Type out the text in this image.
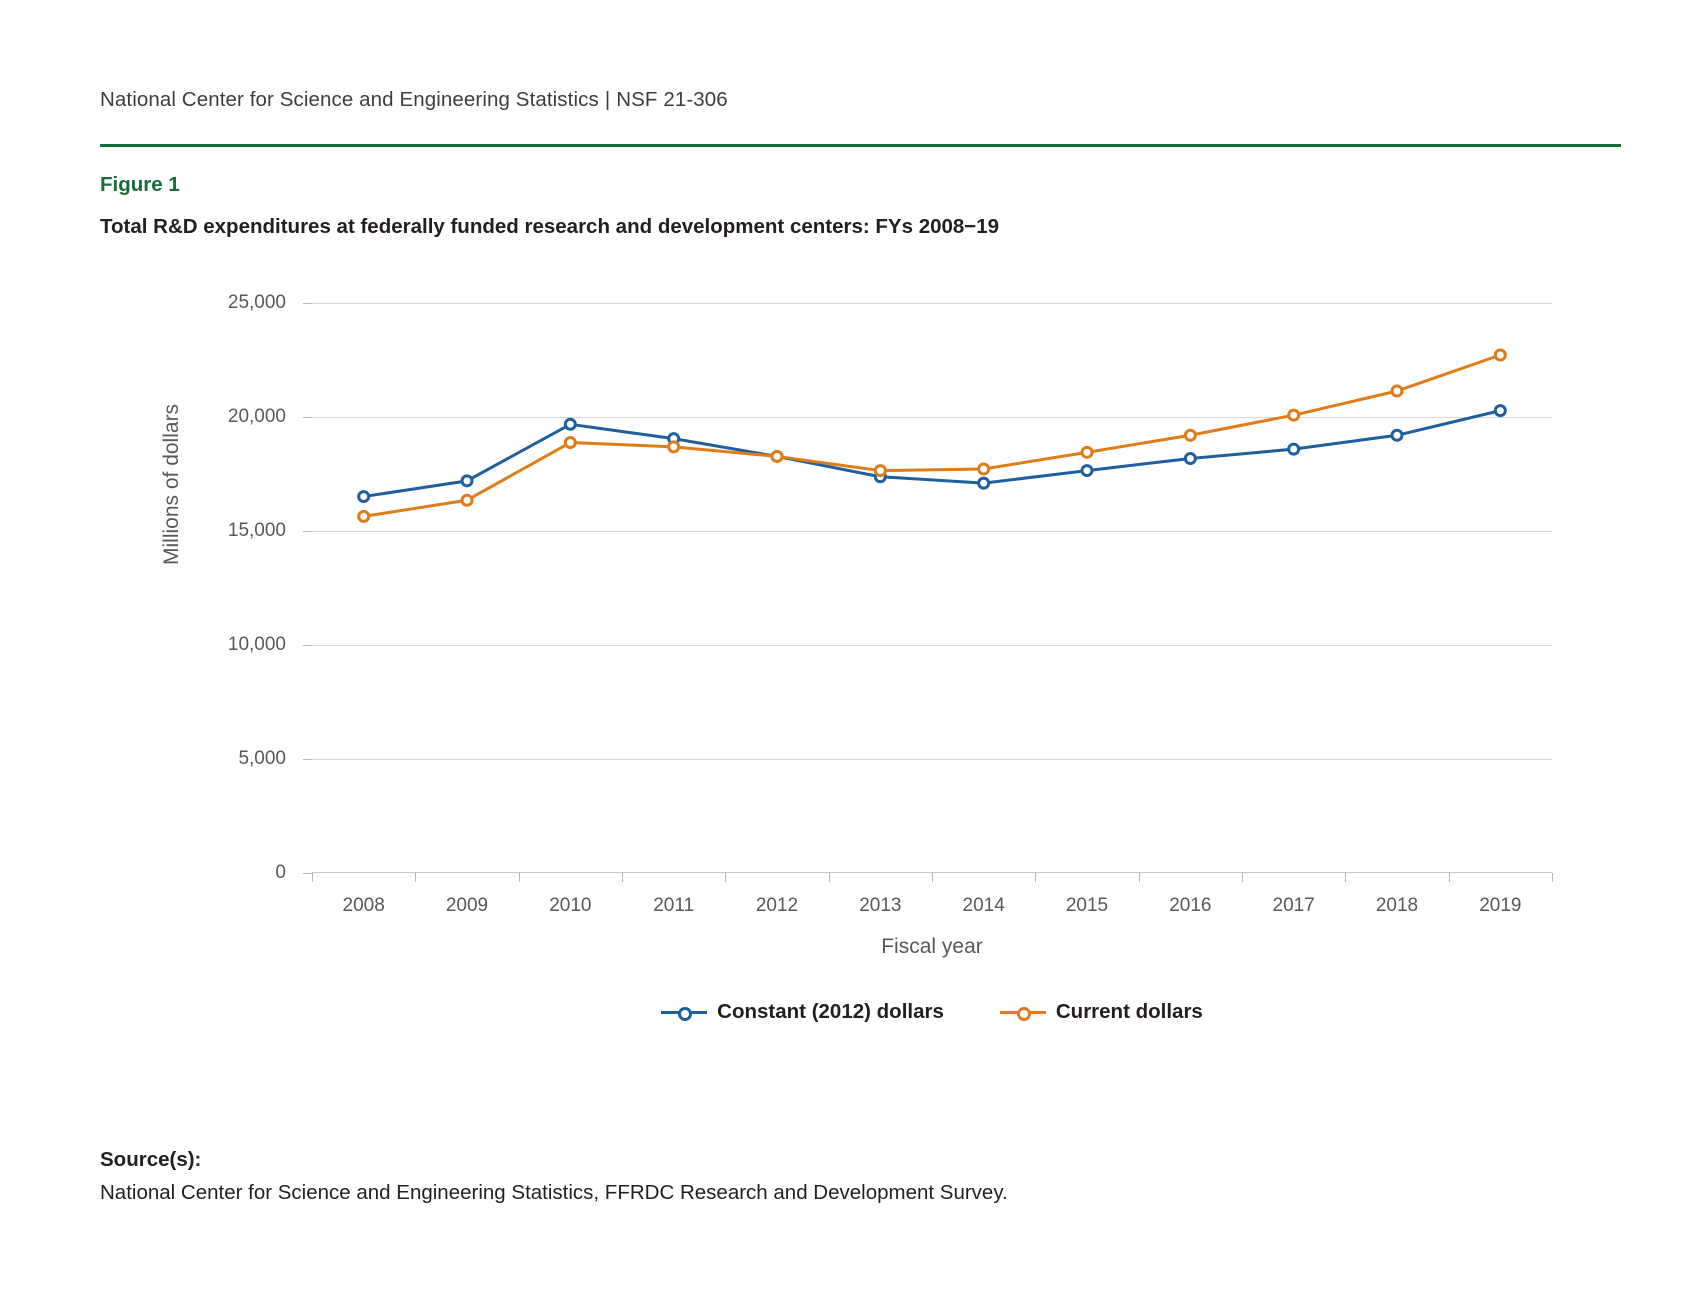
National Center for Science and Engineering Statistics | NSF 21-306
Figure 1
Total R&D expenditures at federally funded research and development centers: FYs 2008−19
Millions of dollars
0
5,000
10,000
15,000
20,000
25,000
2008	2009	2010	2011	2012	2013	2014	2015	2016	2017	2018	2019
Fiscal year
Constant (2012) dollars	Current dollars
Source(s):
National Center for Science and Engineering Statistics, FFRDC Research and Development Survey.
